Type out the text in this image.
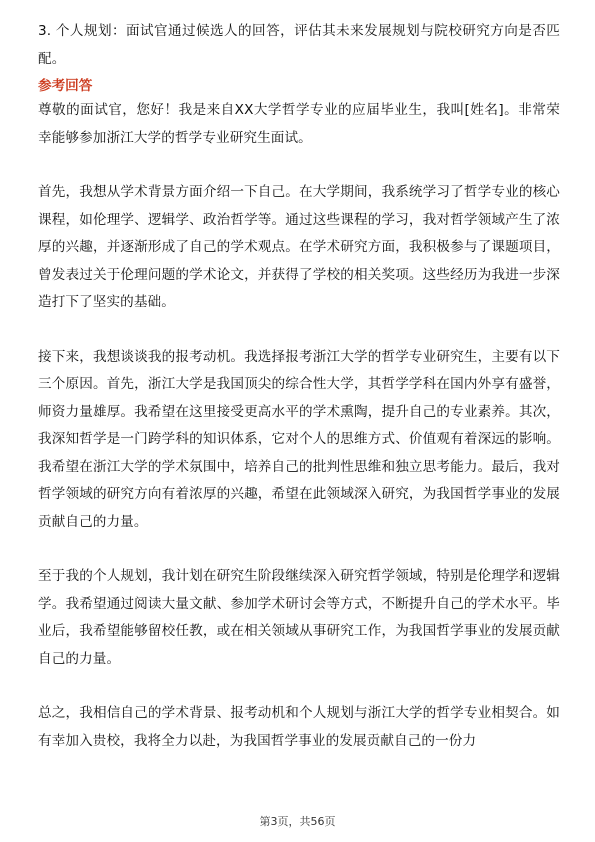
3. 个人规划：面试官通过候选人的回答，评估其未来发展规划与院校研究方向是否匹配。

参考回答

尊敬的面试官，您好！我是来自XX大学哲学专业的应届毕业生，我叫[姓名]。非常荣幸能够参加浙江大学的哲学专业研究生面试。

首先，我想从学术背景方面介绍一下自己。在大学期间，我系统学习了哲学专业的核心课程，如伦理学、逻辑学、政治哲学等。通过这些课程的学习，我对哲学领域产生了浓厚的兴趣，并逐渐形成了自己的学术观点。在学术研究方面，我积极参与了课题项目，曾发表过关于伦理问题的学术论文，并获得了学校的相关奖项。这些经历为我进一步深造打下了坚实的基础。

接下来，我想谈谈我的报考动机。我选择报考浙江大学的哲学专业研究生，主要有以下三个原因。首先，浙江大学是我国顶尖的综合性大学，其哲学学科在国内外享有盛誉，师资力量雄厚。我希望在这里接受更高水平的学术熏陶，提升自己的专业素养。其次，我深知哲学是一门跨学科的知识体系，它对个人的思维方式、价值观有着深远的影响。我希望在浙江大学的学术氛围中，培养自己的批判性思维和独立思考能力。最后，我对哲学领域的研究方向有着浓厚的兴趣，希望在此领域深入研究，为我国哲学事业的发展贡献自己的力量。

至于我的个人规划，我计划在研究生阶段继续深入研究哲学领域，特别是伦理学和逻辑学。我希望通过阅读大量文献、参加学术研讨会等方式，不断提升自己的学术水平。毕业后，我希望能够留校任教，或在相关领域从事研究工作，为我国哲学事业的发展贡献自己的力量。

总之，我相信自己的学术背景、报考动机和个人规划与浙江大学的哲学专业相契合。如有幸加入贵校，我将全力以赴，为我国哲学事业的发展贡献自己的一份力

第3页，共56页
